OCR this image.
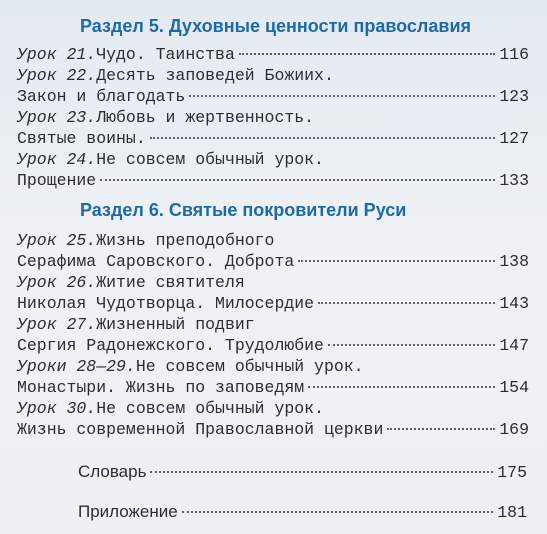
Раздел 5. Духовные ценности православия
Урок 21. Чудо. Таинства	116
Урок 22. Десять заповедей Божиих.
Закон и благодать	123
Урок 23. Любовь и жертвенность.
Святые воины.	127
Урок 24. Не совсем обычный урок.
Прощение	133
Раздел 6. Святые покровители Руси
Урок 25. Жизнь преподобного
Серафима Саровского. Доброта	138
Урок 26. Житие святителя
Николая Чудотворца. Милосердие	143
Урок 27. Жизненный подвиг
Сергия Радонежского. Трудолюбие	147
Уроки 28—29. Не совсем обычный урок.
Монастыри. Жизнь по заповедям	154
Урок 30. Не совсем обычный урок.
Жизнь современной Православной церкви	169
Словарь	175
Приложение	181
